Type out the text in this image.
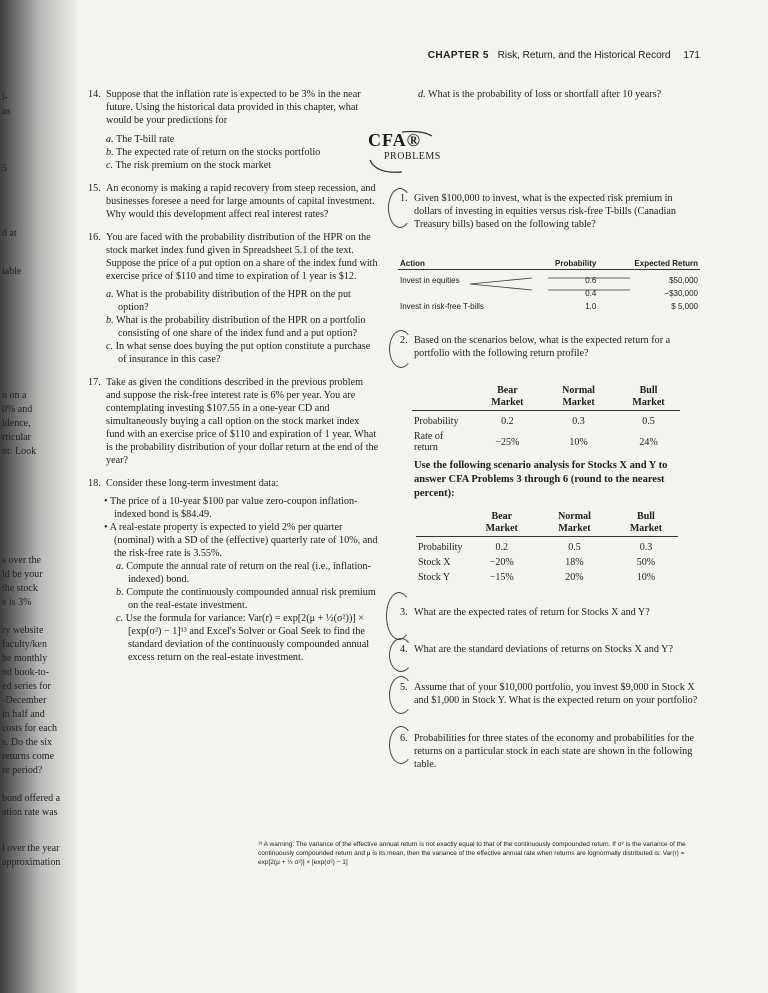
l-
as
5
d at
iable
n on a
0% and
idence,
rticular
nt: Look
s over the
ld be your
the stock
e is 3%
ry website
faculty/ken
he monthly
nd book-to-
ed series for
-December
in half and
costs for each
s. Do the six
returns come
re period?
bond offered a
ation rate was
l over the year
approximation
CHAPTER 5 Risk, Return, and the Historical Record 171
14. Suppose that the inflation rate is expected to be 3% in the near future. Using the historical data provided in this chapter, what would be your predictions for
a. The T-bill rate
b. The expected rate of return on the stocks portfolio
c. The risk premium on the stock market
15. An economy is making a rapid recovery from steep recession, and businesses foresee a need for large amounts of capital investment. Why would this development affect real interest rates?
16. You are faced with the probability distribution of the HPR on the stock market index fund given in Spreadsheet 5.1 of the text. Suppose the price of a put option on a share of the index fund with exercise price of $110 and time to expiration of 1 year is $12.
a. What is the probability distribution of the HPR on the put option?
b. What is the probability distribution of the HPR on a portfolio consisting of one share of the index fund and a put option?
c. In what sense does buying the put option constitute a purchase of insurance in this case?
17. Take as given the conditions described in the previous problem and suppose the risk-free interest rate is 6% per year. You are contemplating investing $107.55 in a one-year CD and simultaneously buying a call option on the stock market index fund with an exercise price of $110 and expiration of 1 year. What is the probability distribution of your dollar return at the end of the year?
18. Consider these long-term investment data:
• The price of a 10-year $100 par value zero-coupon inflation-indexed bond is $84.49.
• A real-estate property is expected to yield 2% per quarter (nominal) with a SD of the (effective) quarterly rate of 10%, and the risk-free rate is 3.55%.
a. Compute the annual rate of return on the real (i.e., inflation-indexed) bond.
b. Compute the continuously compounded annual risk premium on the real-estate investment.
c. Use the formula for variance: Var(r) = exp[2(μ + ½(σ²))] × [exp(σ²) − 1]¹³ and Excel's Solver or Goal Seek to find the standard deviation of the continuously compounded annual excess return on the real-estate investment.
d. What is the probability of loss or shortfall after 10 years?
CFA®
PROBLEMS
1. Given $100,000 to invest, what is the expected risk premium in dollars of investing in equities versus risk-free T-bills (Canadian Treasury bills) based on the following table?
Action	Probability	Expected Return
Invest in equities	0.6	$50,000
	0.4	−$30,000
Invest in risk-free T-bills	1.0	$ 5,000
2. Based on the scenarios below, what is the expected return for a portfolio with the following return profile?
	Bear Market	Normal Market	Bull Market
Probability	0.2	0.3	0.5
Rate of return	−25%	10%	24%
Use the following scenario analysis for Stocks X and Y to answer CFA Problems 3 through 6 (round to the nearest percent):
	Bear Market	Normal Market	Bull Market
Probability	0.2	0.5	0.3
Stock X	−20%	18%	50%
Stock Y	−15%	20%	10%
3. What are the expected rates of return for Stocks X and Y?
4. What are the standard deviations of returns on Stocks X and Y?
5. Assume that of your $10,000 portfolio, you invest $9,000 in Stock X and $1,000 in Stock Y. What is the expected return on your portfolio?
6. Probabilities for three states of the economy and probabilities for the returns on a particular stock in each state are shown in the following table.
¹³ A warning: The variance of the effective annual return is not exactly equal to that of the continuously compounded return. If σ² is the variance of the continuously compounded return and μ is its mean, then the variance of the effective annual rate when returns are lognormally distributed is: Var(r) = exp[2(μ + ½ σ²)] × [exp(σ²) − 1]
